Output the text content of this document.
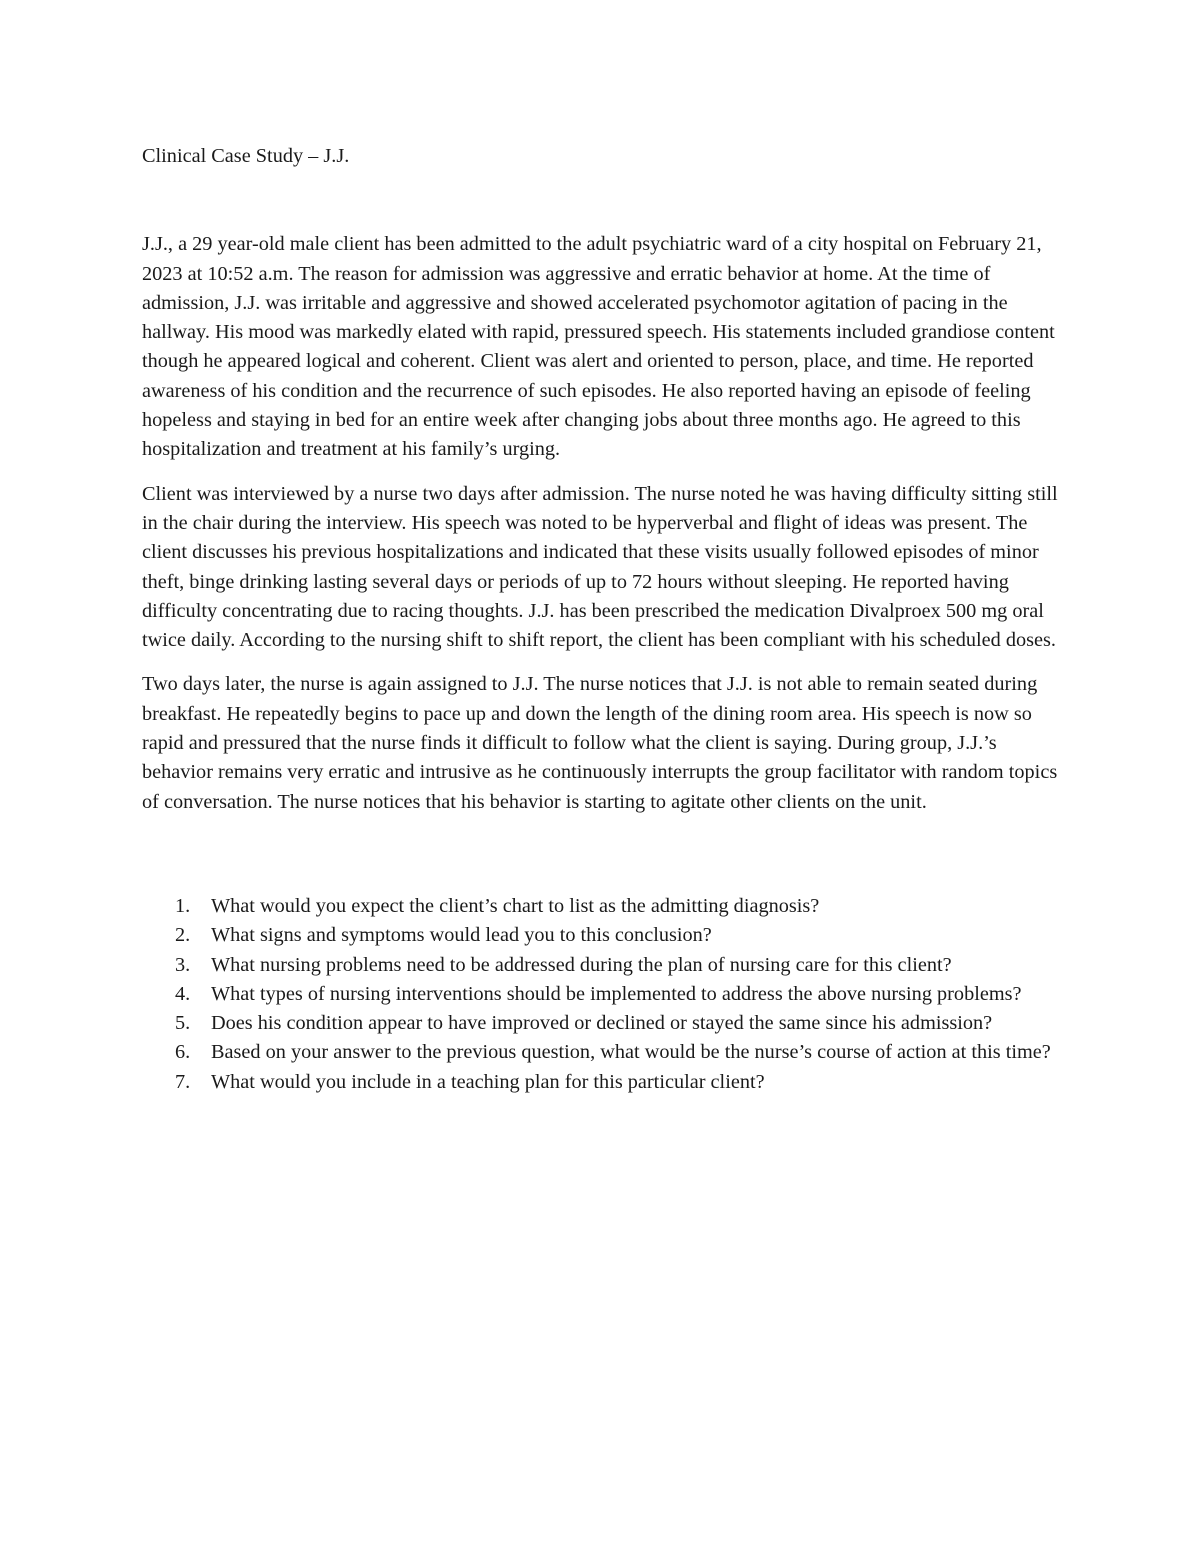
Clinical Case Study – J.J.

J.J., a 29 year-old male client has been admitted to the adult psychiatric ward of a city hospital on February 21, 2023 at 10:52 a.m. The reason for admission was aggressive and erratic behavior at home. At the time of admission, J.J. was irritable and aggressive and showed accelerated psychomotor agitation of pacing in the hallway. His mood was markedly elated with rapid, pressured speech. His statements included grandiose content though he appeared logical and coherent. Client was alert and oriented to person, place, and time. He reported awareness of his condition and the recurrence of such episodes. He also reported having an episode of feeling hopeless and staying in bed for an entire week after changing jobs about three months ago. He agreed to this hospitalization and treatment at his family’s urging.

Client was interviewed by a nurse two days after admission. The nurse noted he was having difficulty sitting still in the chair during the interview. His speech was noted to be hyperverbal and flight of ideas was present. The client discusses his previous hospitalizations and indicated that these visits usually followed episodes of minor theft, binge drinking lasting several days or periods of up to 72 hours without sleeping. He reported having difficulty concentrating due to racing thoughts. J.J. has been prescribed the medication Divalproex 500 mg oral twice daily. According to the nursing shift to shift report, the client has been compliant with his scheduled doses.

Two days later, the nurse is again assigned to J.J. The nurse notices that J.J. is not able to remain seated during breakfast. He repeatedly begins to pace up and down the length of the dining room area. His speech is now so rapid and pressured that the nurse finds it difficult to follow what the client is saying. During group, J.J.’s behavior remains very erratic and intrusive as he continuously interrupts the group facilitator with random topics of conversation. The nurse notices that his behavior is starting to agitate other clients on the unit.

1. What would you expect the client’s chart to list as the admitting diagnosis?
2. What signs and symptoms would lead you to this conclusion?
3. What nursing problems need to be addressed during the plan of nursing care for this client?
4. What types of nursing interventions should be implemented to address the above nursing problems?
5. Does his condition appear to have improved or declined or stayed the same since his admission?
6. Based on your answer to the previous question, what would be the nurse’s course of action at this time?
7. What would you include in a teaching plan for this particular client?
